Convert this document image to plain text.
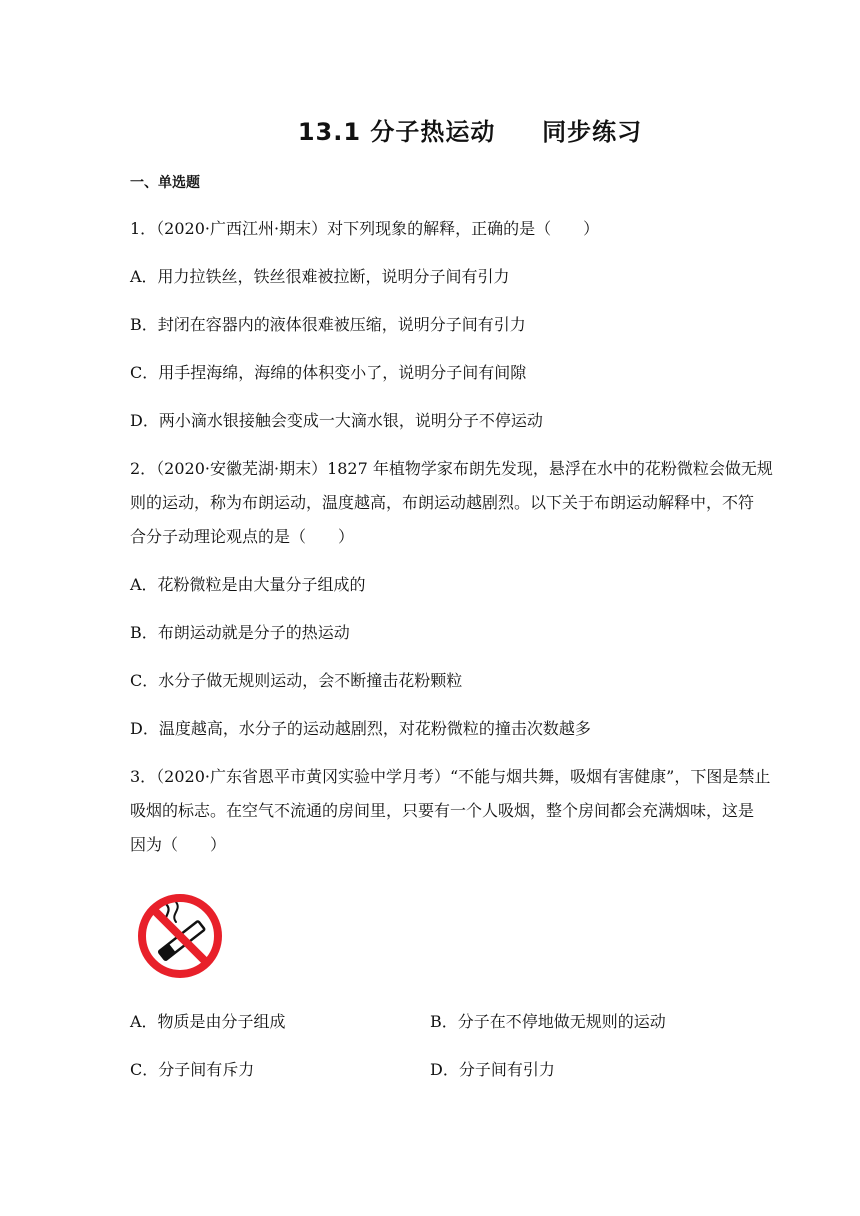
13.1 分子热运动     同步练习
一、单选题
1．（2020·广西江州·期末）对下列现象的解释，正确的是（　　）
A．用力拉铁丝，铁丝很难被拉断，说明分子间有引力
B．封闭在容器内的液体很难被压缩，说明分子间有引力
C．用手捏海绵，海绵的体积变小了，说明分子间有间隙
D．两小滴水银接触会变成一大滴水银，说明分子不停运动
2．（2020·安徽芜湖·期末）1827 年植物学家布朗先发现，悬浮在水中的花粉微粒会做无规
则的运动，称为布朗运动，温度越高，布朗运动越剧烈。以下关于布朗运动解释中，不符
合分子动理论观点的是（　　）
A．花粉微粒是由大量分子组成的
B．布朗运动就是分子的热运动
C．水分子做无规则运动，会不断撞击花粉颗粒
D．温度越高，水分子的运动越剧烈，对花粉微粒的撞击次数越多
3．（2020·广东省恩平市黄冈实验中学月考）“不能与烟共舞，吸烟有害健康”，下图是禁止
吸烟的标志。在空气不流通的房间里，只要有一个人吸烟，整个房间都会充满烟味，这是
因为（　　）
A．物质是由分子组成	B．分子在不停地做无规则的运动
C．分子间有斥力	D．分子间有引力
